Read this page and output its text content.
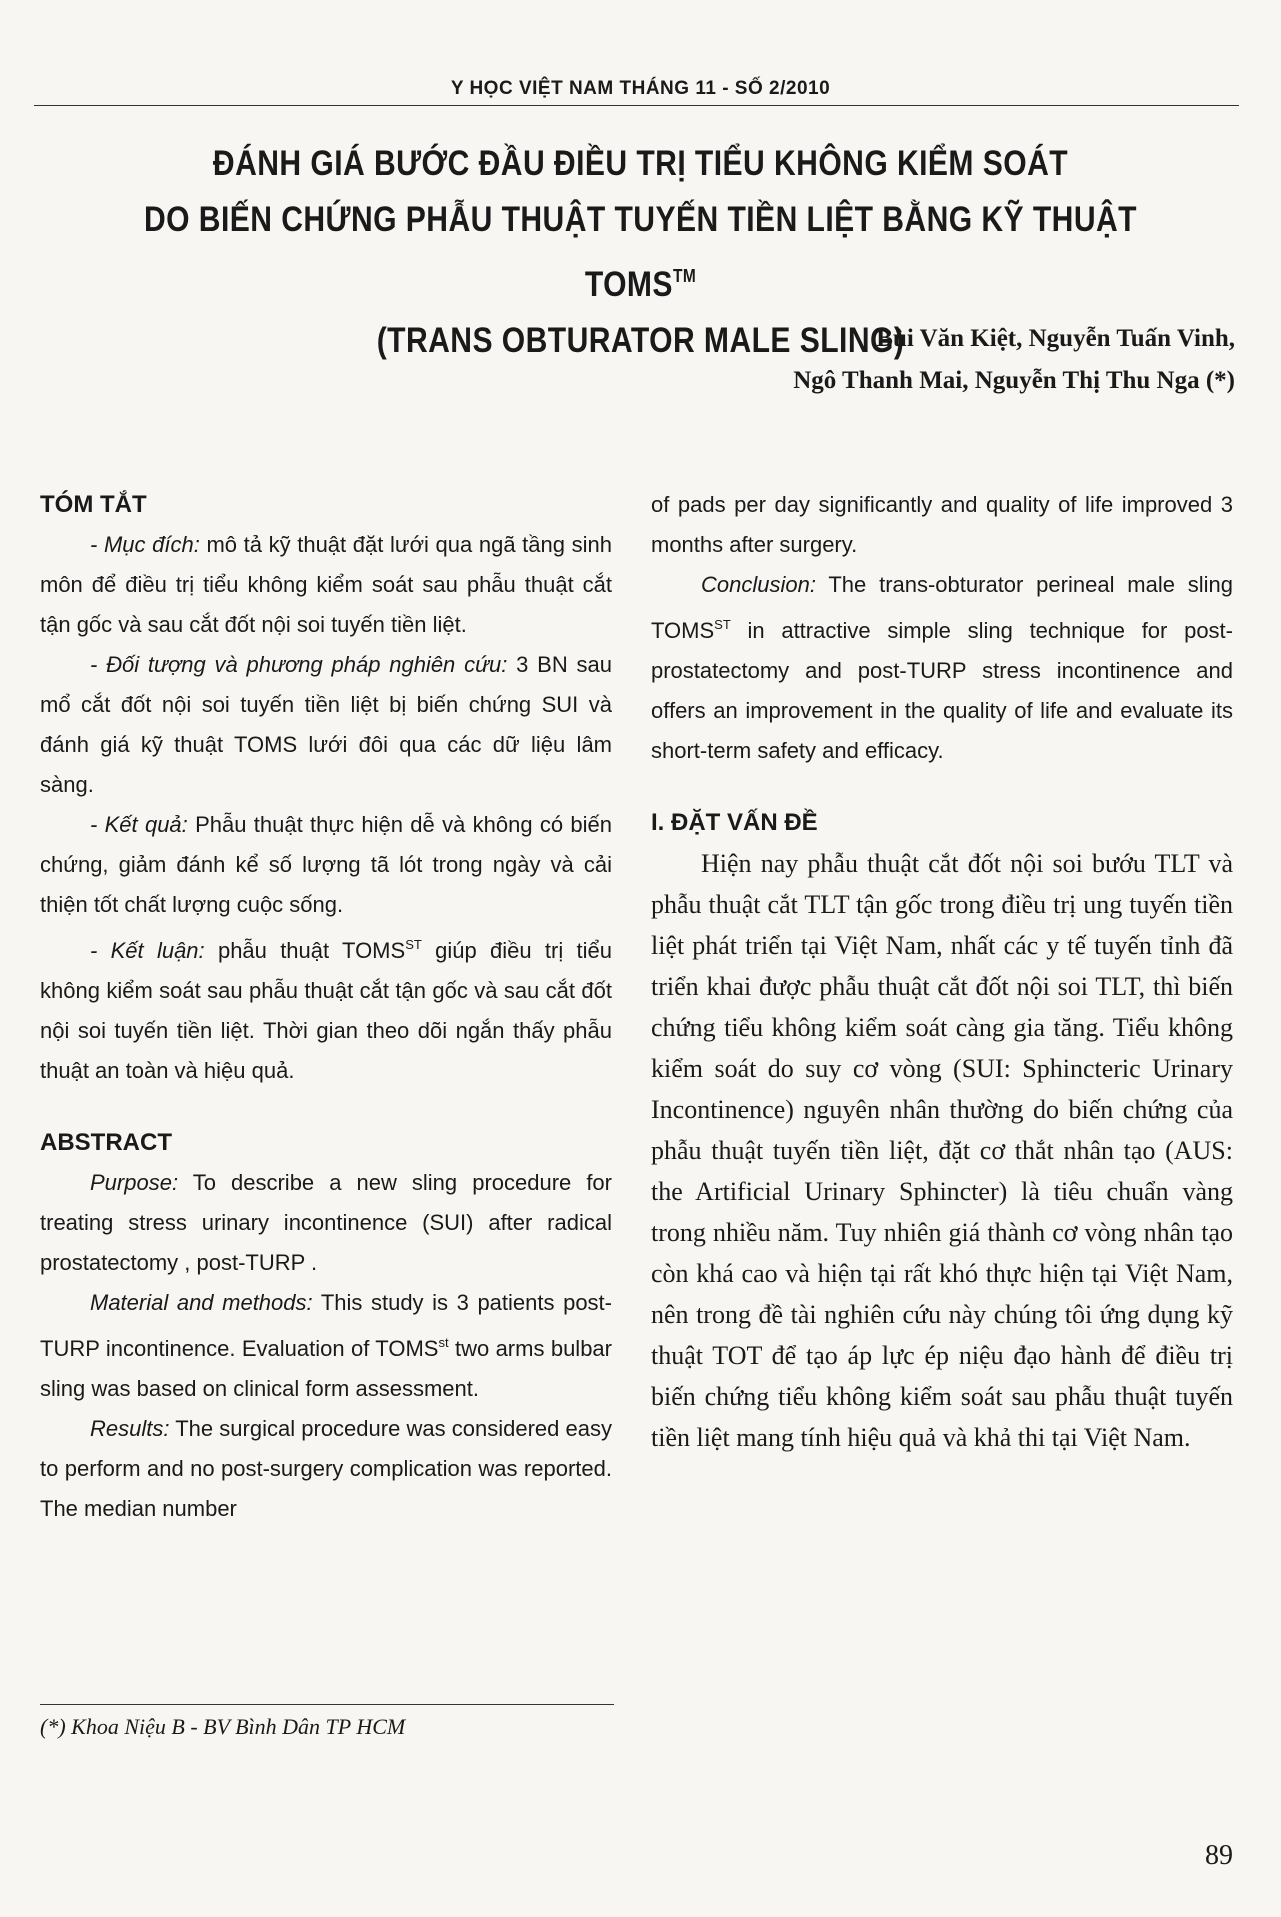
Y HỌC VIỆT NAM THÁNG 11 - SỐ 2/2010
ĐÁNH GIÁ BƯỚC ĐẦU ĐIỀU TRỊ TIỂU KHÔNG KIỂM SOÁT
DO BIẾN CHỨNG PHẪU THUẬT TUYẾN TIỀN LIỆT BẰNG KỸ THUẬT TOMS™
(TRANS OBTURATOR MALE SLING)
Bùi Văn Kiệt, Nguyễn Tuấn Vinh,
Ngô Thanh Mai, Nguyễn Thị Thu Nga (*)
TÓM TẮT

- Mục đích: mô tả kỹ thuật đặt lưới qua ngã tầng sinh môn để điều trị tiểu không kiểm soát sau phẫu thuật cắt tận gốc và sau cắt đốt nội soi tuyến tiền liệt.

- Đối tượng và phương pháp nghiên cứu: 3 BN sau mổ cắt đốt nội soi tuyến tiền liệt bị biến chứng SUI và đánh giá kỹ thuật TOMS lưới đôi qua các dữ liệu lâm sàng.

- Kết quả: Phẫu thuật thực hiện dễ và không có biến chứng, giảm đánh kể số lượng tã lót trong ngày và cải thiện tốt chất lượng cuộc sống.

- Kết luận: phẫu thuật $TOMS^{ST}$ giúp điều trị tiểu không kiểm soát sau phẫu thuật cắt tận gốc và sau cắt đốt nội soi tuyến tiền liệt. Thời gian theo dõi ngắn thấy phẫu thuật an toàn và hiệu quả.

ABSTRACT

Purpose: To describe a new sling procedure for treating stress urinary incontinence (SUI) after radical prostatectomy , post-TURP .

Material and methods: This study is 3 patients post-TURP incontinence. Evaluation of $TOMS^{st}$ two arms bulbar sling was based on clinical form assessment.

Results: The surgical procedure was considered easy to perform and no post-surgery complication was reported. The median number

of pads per day significantly and quality of life improved 3 months after surgery.

Conclusion: The trans-obturator perineal male sling $TOMS^{ST}$ in attractive simple sling technique for post-prostatectomy and post-TURP stress incontinence and offers an improvement in the quality of life and evaluate its short-term safety and efficacy.

I. ĐẶT VẤN ĐỀ

Hiện nay phẫu thuật cắt đốt nội soi bướu TLT và phẫu thuật cắt TLT tận gốc trong điều trị ung tuyến tiền liệt phát triển tại Việt Nam, nhất các y tế tuyến tỉnh đã triển khai được phẫu thuật cắt đốt nội soi TLT, thì biến chứng tiểu không kiểm soát càng gia tăng. Tiểu không kiểm soát do suy cơ vòng (SUI: Sphincteric Urinary Incontinence) nguyên nhân thường do biến chứng của phẫu thuật tuyến tiền liệt, đặt cơ thắt nhân tạo (AUS: the Artificial Urinary Sphincter) là tiêu chuẩn vàng trong nhiều năm. Tuy nhiên giá thành cơ vòng nhân tạo còn khá cao và hiện tại rất khó thực hiện tại Việt Nam, nên trong đề tài nghiên cứu này chúng tôi ứng dụng kỹ thuật TOT để tạo áp lực ép niệu đạo hành để điều trị biến chứng tiểu không kiểm soát sau phẫu thuật tuyến tiền liệt mang tính hiệu quả và khả thi tại Việt Nam.

(*) Khoa Niệu B - BV Bình Dân TP HCM
89
